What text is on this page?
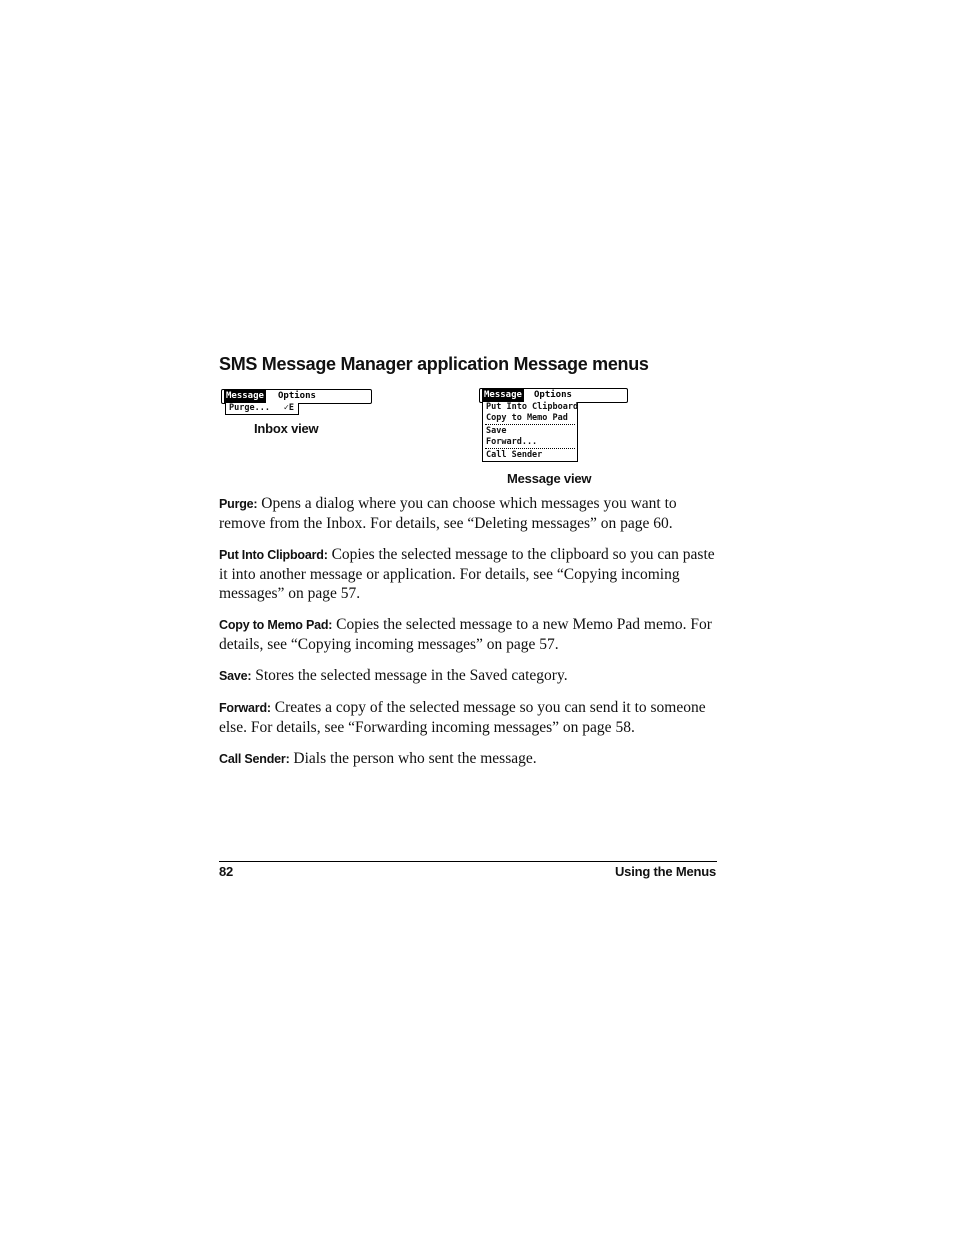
SMS Message Manager application Message menus
Message Options
Purge... ✓E
Inbox view
Message Options
Put Into Clipboard
Copy to Memo Pad
Save
Forward...
Call Sender
Message view

Purge: Opens a dialog where you can choose which messages you want to remove from the Inbox. For details, see “Deleting messages” on page 60.

Put Into Clipboard: Copies the selected message to the clipboard so you can paste it into another message or application. For details, see “Copying incoming messages” on page 57.

Copy to Memo Pad: Copies the selected message to a new Memo Pad memo. For details, see “Copying incoming messages” on page 57.

Save: Stores the selected message in the Saved category.

Forward: Creates a copy of the selected message so you can send it to someone else. For details, see “Forwarding incoming messages” on page 58.

Call Sender: Dials the person who sent the message.

82	Using the Menus
